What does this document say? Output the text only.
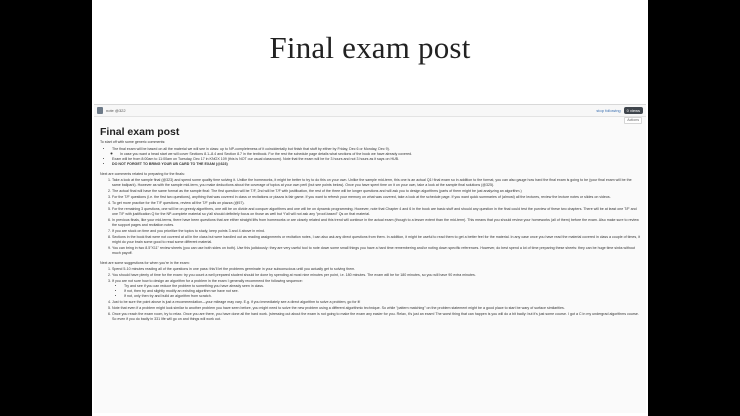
Final exam post
note @322	stop following	0 views
Actions
Final exam post

To start off with some generic comments:

• The final exam will be based on all the material we will see in class: up to NP-completeness of it coincidentally but finish that stuff by either by Friday, Dec 6 or Monday, Dec 9).
◦ In case you want a head start we will cover Sections 8.1–8.4 and Section 8.7 in the textbook. For the rest the schedule page details what sections of the book we have already covered.
• Exam will be from 8:00am to 11:00am on Tuesday, Dec 17 in KNOX 109 (this is NOT our usual classroom). Note that the exam will be for 3 hours and not 3 hours as it says on HUB.
• DO NOT FORGET TO BRING YOUR UB CARD TO THE EXAM (@323)

Next are comments related to preparing for the finals:

1. Take a look at the sample final (@323) and spend some quality time solving it. Unlike the homeworks, it might be better to try to do this on your own. Unlike the sample mid-term, this one is an actual Q1! final exam so in addition to the format, you can also gauge how hard the final exam is going to be (your final exam will be the same ballpark). However as with the sample mid-term, you make deductions about the coverage of topics at your own peril (but see points below). Once you have spent time on it on your own, take a look at the sample final solutions (@325).
2. The actual final will have the same format as the sample final: The first question will be T/F, 2nd will be T/F with justification, the rest of the three will be longer questions and will ask you to design algorithms (parts of them might be just analyzing an algorithm.)
3. For the T/F questions (i.e. the first two questions), anything that was covered in class or recitations or piazza is fair game. If you want to refresh your memory on what was covered, take a look at the schedule page. If you want quick summaries of (almost) all the lectures, review the lecture notes or slides on videos.
4. To get more practice for the T/F questions, review all the T/F polls on piazza (@57).
5. For the remaining 3 questions, one will be on greedy algorithms, one will be on divide and conquer algorithms and one will be on dynamic programming. However, note that Chapter 4 and 6 in the book are basic stuff and should any question in the final could test the purview of these two chapters. There will be at least one T/F and one T/F with justification Q for the NP-complete material so y'all should definitely focus on those as well but Y'all will not ask any "proof-based" Qs on that material.
6. In previous finals, like your mid-terms, there have been questions that are either straight lifts from homeworks or are closely related and this trend will continue in the actual exam (though to a lesser extent than the mid-term). This means that you should review your homeworks (all of them) before the exam. Also make sure to review the support pages and recitation notes.
7. If you are stuck on time and you prioritize the topics to study, keep points 3 and 4 above in mind.
8. Sections in the book that were not covered at all in the class but were handled out as reading assignments or recitation notes, I can also ask any direct questions from them. In addition, it might be useful to read them to get a better feel for the material. In any case once you have read the material covered in class a couple of times, it might do your brain some good to read some different material.
9. You can bring in two 8.5"X11" review sheets (you can use both sides on both). Use this judiciously: they are very useful tool to note down some small things you have a hard time remembering and/or noting down specific references. However, do best spend a lot of time preparing these sheets: they can be huge time sinks without much payoff.

Next are some suggestions for when you're in the exam:

1. Spend 5-10 minutes reading all of the questions in one pass: this'll let the problems germinate in your subconscious until you actually get to solving them.
2. You should have plenty of time for the exam: try you count a well prepared student should be done by spending at most nine minutes per point, i.e. 180 minutes. The exam will be for 180 minutes, so you will have 90 extra minutes.
3. If you are not sure how to design an algorithm for a problem in the exam I generally recommend the following sequence:
• Try and see if you can reduce the problem to something you have already seen in class.
• If not, then try and slightly modify an existing algorithm we have not see.
• If not, only then try and build an algorithm from scratch.
4. Just to be sure the point above is just a recommendation—your mileage may vary. E.g. if you immediately see a direct algorithm to solve a problem, go for it!
5. Note that even if a problem might look similar to another problem you have seen before, you might need to solve the new problem using a different algorithmic technique. So while "pattern matching" on the problem statement might be a good place to start be wary of surface similarities.
6. Once you reach the exam room, try to relax. Once you are there, you have done all the hard work. (stressing out about the exam is not going to make the exam any easier for you. Relax, it's just an exam! The worst thing that can happen is you will do a bit badly: but it's just some course. I got a C in my undergrad algorithms course. So even if you do badly in 331 life will go on and things will work out.
